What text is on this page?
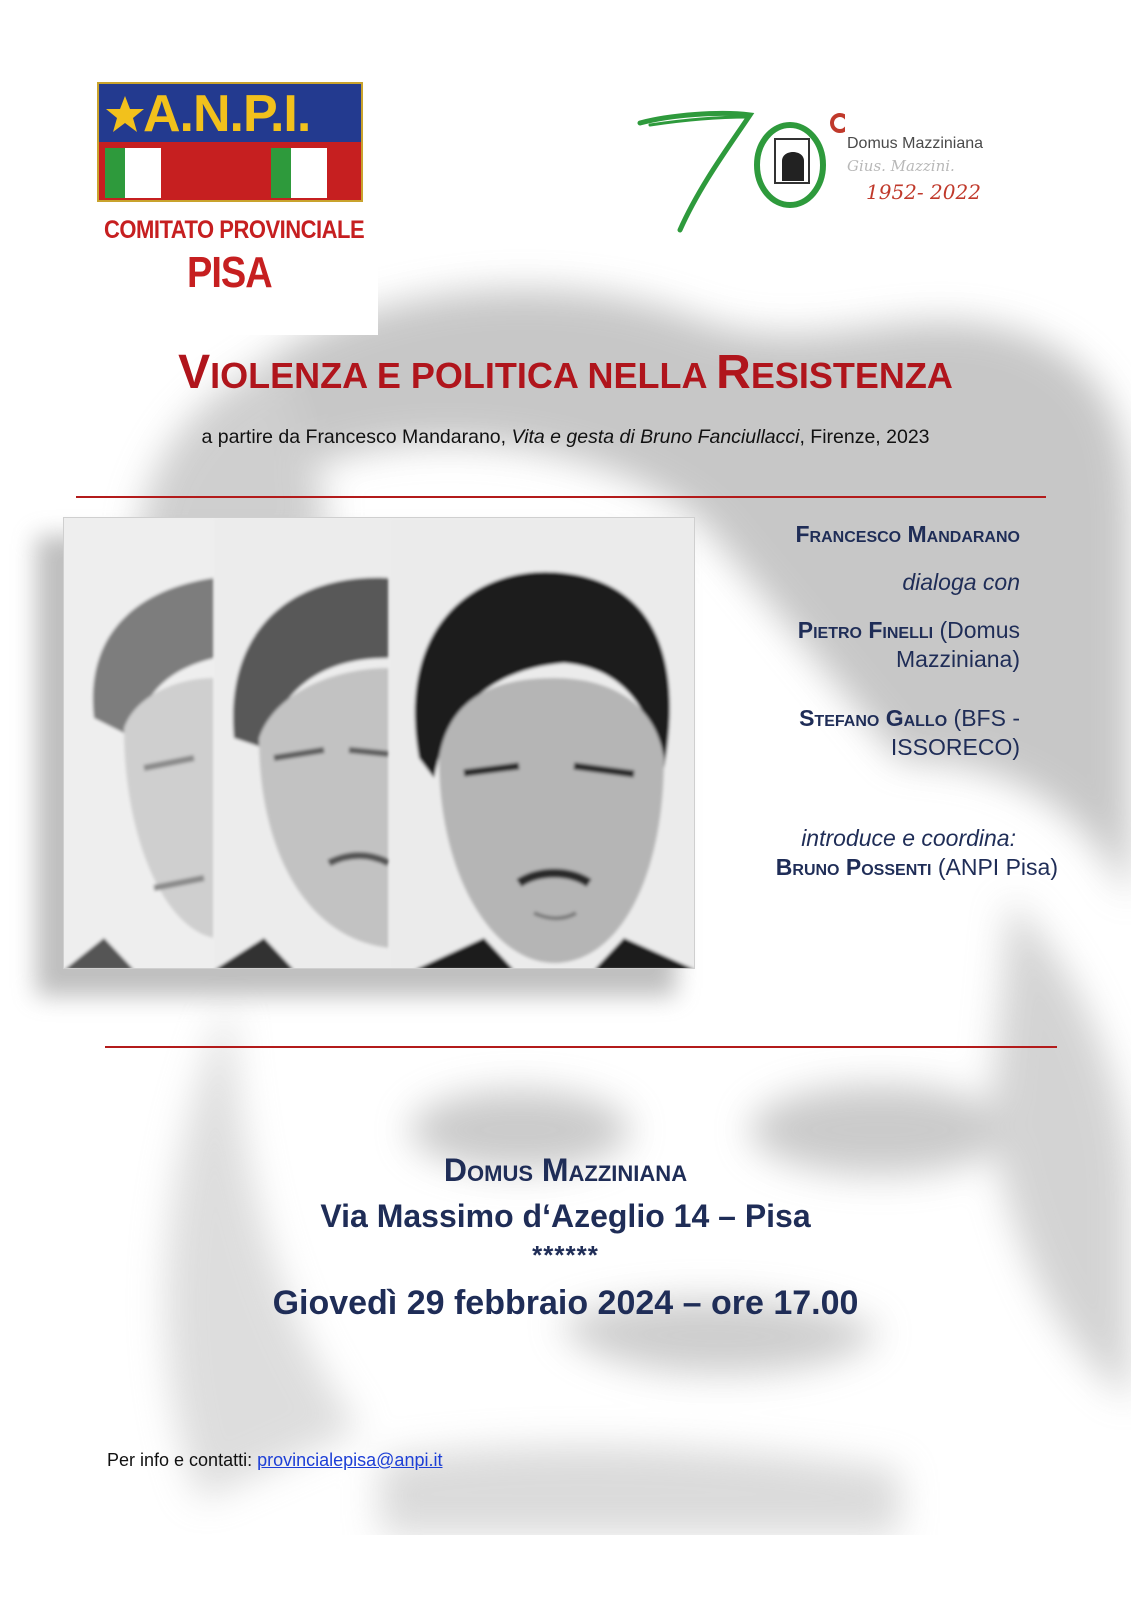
A.N.P.I.
COMITATO PROVINCIALE
PISA
Domus Mazziniana
Gius. Mazzini.
1952- 2022
VIOLENZA E POLITICA NELLA RESISTENZA
a partire da Francesco Mandarano, Vita e gesta di Bruno Fanciullacci, Firenze, 2023
Francesco Mandarano
dialoga con
Pietro Finelli (Domus
Mazziniana)
Stefano Gallo (BFS -
ISSORECO)
introduce e coordina:
Bruno Possenti (ANPI Pisa)
Domus Mazziniana
Via Massimo d‘Azeglio 14 – Pisa
******
Giovedì 29 febbraio 2024 – ore 17.00
Per info e contatti: provincialepisa@anpi.it
